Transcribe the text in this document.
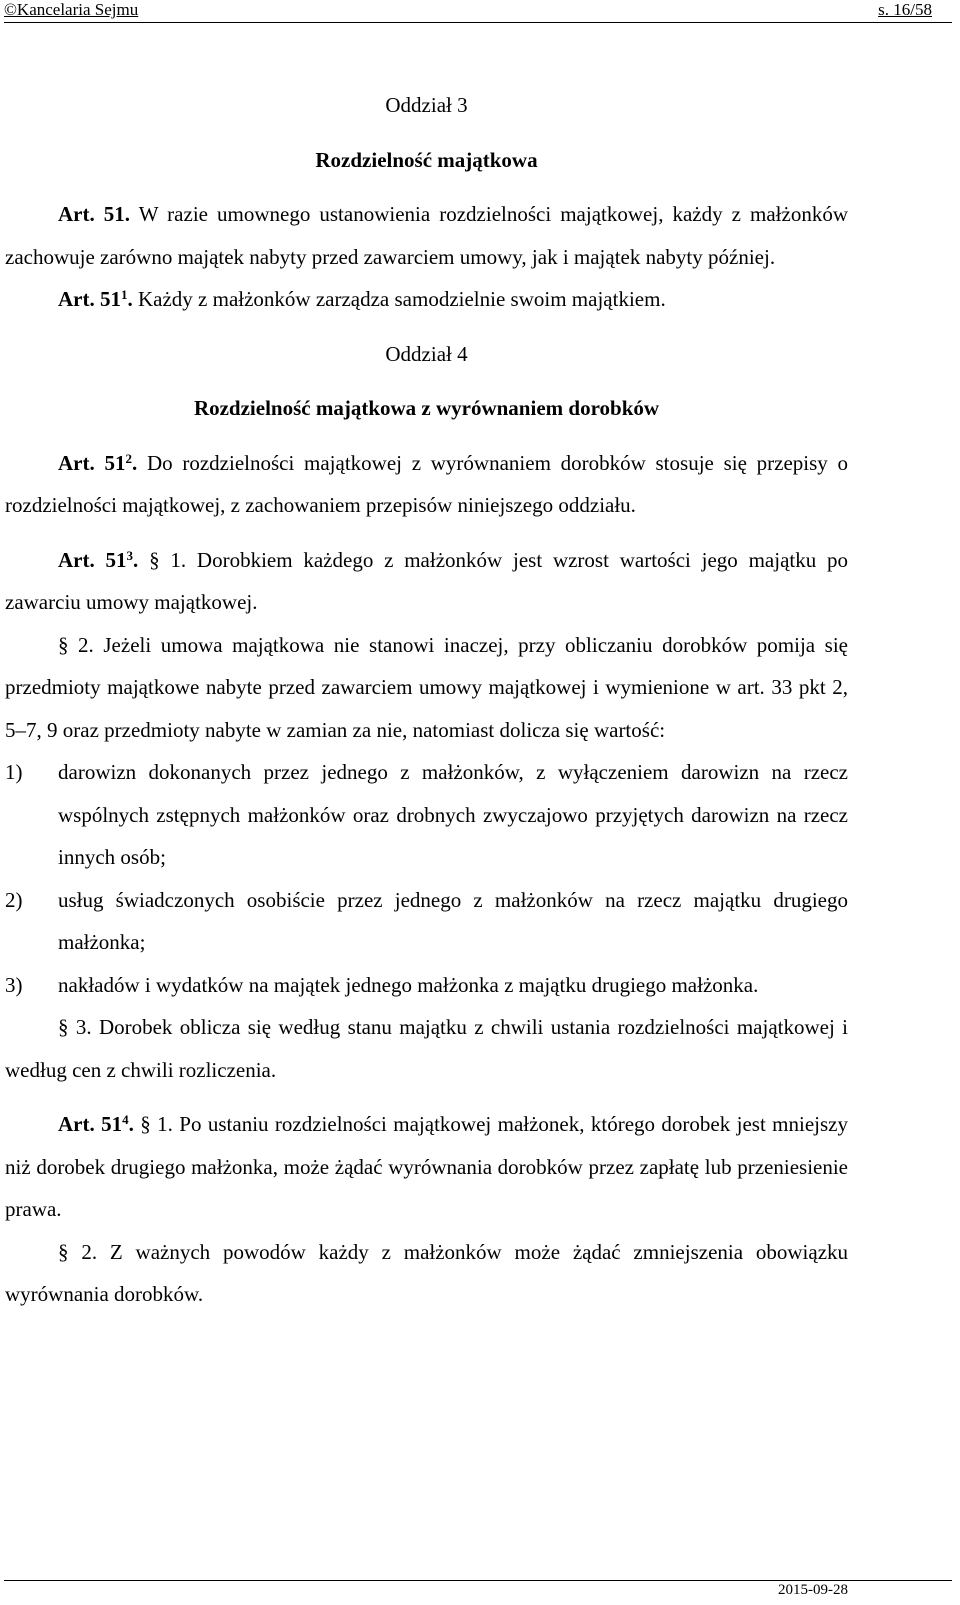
©Kancelaria Sejmu	s. 16/58

Oddział 3

Rozdzielność majątkowa

Art. 51. W razie umownego ustanowienia rozdzielności majątkowej, każdy z małżonków zachowuje zarówno majątek nabyty przed zawarciem umowy, jak i majątek nabyty później.

Art. $51^1$. Każdy z małżonków zarządza samodzielnie swoim majątkiem.

Oddział 4

Rozdzielność majątkowa z wyrównaniem dorobków

Art. $51^2$. Do rozdzielności majątkowej z wyrównaniem dorobków stosuje się przepisy o rozdzielności majątkowej, z zachowaniem przepisów niniejszego oddziału.

Art. $51^3$. § 1. Dorobkiem każdego z małżonków jest wzrost wartości jego majątku po zawarciu umowy majątkowej.

§ 2. Jeżeli umowa majątkowa nie stanowi inaczej, przy obliczaniu dorobków pomija się przedmioty majątkowe nabyte przed zawarciem umowy majątkowej i wymienione w art. 33 pkt 2, 5–7, 9 oraz przedmioty nabyte w zamian za nie, natomiast dolicza się wartość:

1) darowizn dokonanych przez jednego z małżonków, z wyłączeniem darowizn na rzecz wspólnych zstępnych małżonków oraz drobnych zwyczajowo przyjętych darowizn na rzecz innych osób;
2) usług świadczonych osobiście przez jednego z małżonków na rzecz majątku drugiego małżonka;
3) nakładów i wydatków na majątek jednego małżonka z majątku drugiego małżonka.

§ 3. Dorobek oblicza się według stanu majątku z chwili ustania rozdzielności majątkowej i według cen z chwili rozliczenia.

Art. $51^4$. § 1. Po ustaniu rozdzielności majątkowej małżonek, którego dorobek jest mniejszy niż dorobek drugiego małżonka, może żądać wyrównania dorobków przez zapłatę lub przeniesienie prawa.

§ 2. Z ważnych powodów każdy z małżonków może żądać zmniejszenia obowiązku wyrównania dorobków.

2015-09-28
